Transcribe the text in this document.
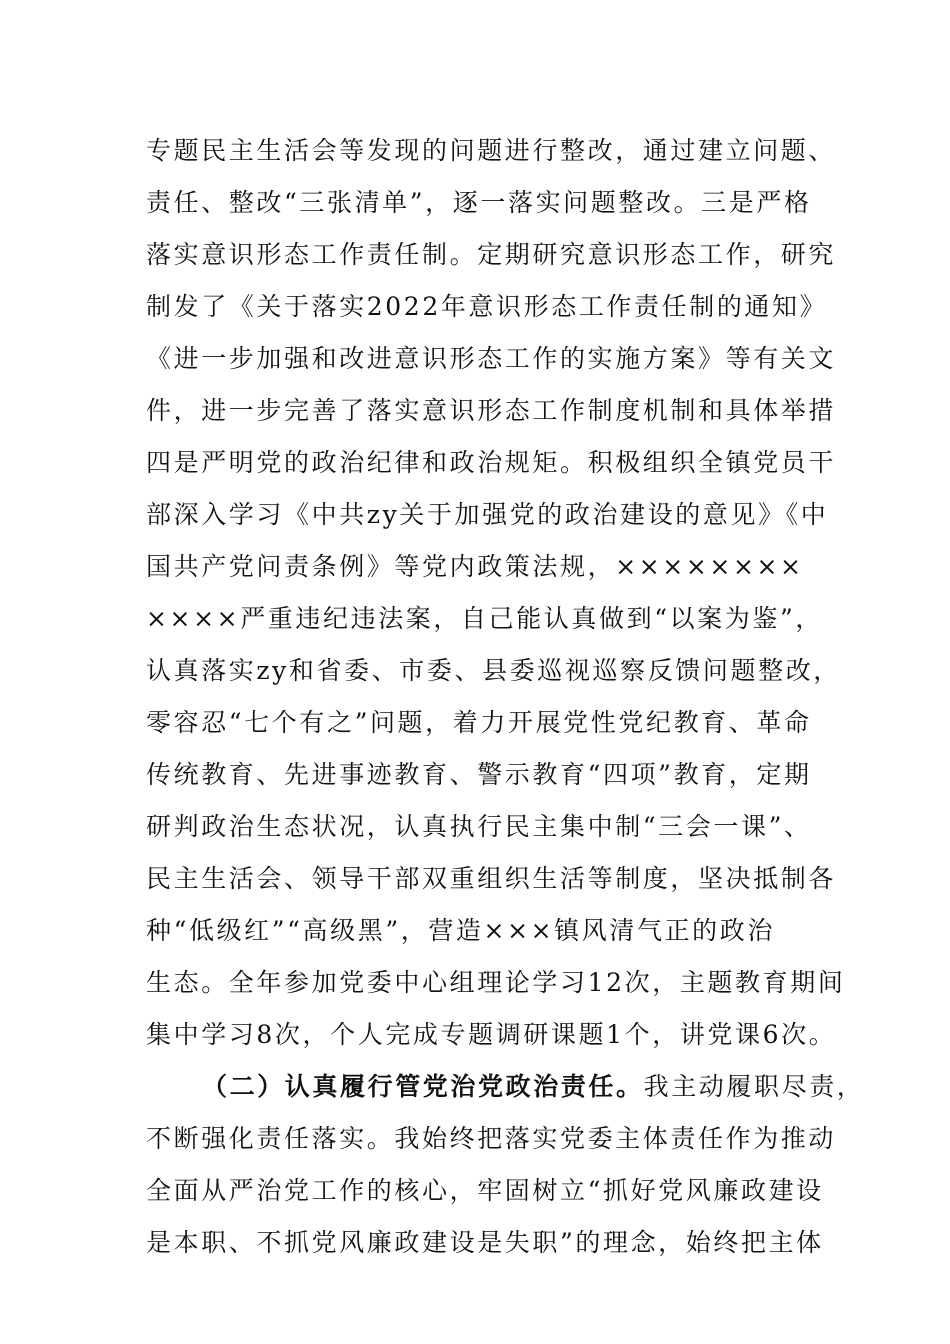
专题民主生活会等发现的问题进行整改，通过建立问题、
责任、整改“三张清单”，逐一落实问题整改。三是严格
落实意识形态工作责任制。定期研究意识形态工作，研究
制发了《关于落实2022年意识形态工作责任制的通知》
《进一步加强和改进意识形态工作的实施方案》等有关文
件，进一步完善了落实意识形态工作制度机制和具体举措
四是严明党的政治纪律和政治规矩。积极组织全镇党员干
部深入学习《中共zy关于加强党的政治建设的意见》《中
国共产党问责条例》等党内政策法规，××××××××
××××严重违纪违法案，自己能认真做到“以案为鉴”，
认真落实zy和省委、市委、县委巡视巡察反馈问题整改，
零容忍“七个有之”问题，着力开展党性党纪教育、革命
传统教育、先进事迹教育、警示教育“四项”教育，定期
研判政治生态状况，认真执行民主集中制“三会一课”、
民主生活会、领导干部双重组织生活等制度，坚决抵制各
种“低级红”“高级黑”，营造×××镇风清气正的政治
生态。全年参加党委中心组理论学习12次，主题教育期间
集中学习8次，个人完成专题调研课题1个，讲党课6次。
（二）认真履行管党治党政治责任。我主动履职尽责，
不断强化责任落实。我始终把落实党委主体责任作为推动
全面从严治党工作的核心，牢固树立“抓好党风廉政建设
是本职、不抓党风廉政建设是失职”的理念，始终把主体
